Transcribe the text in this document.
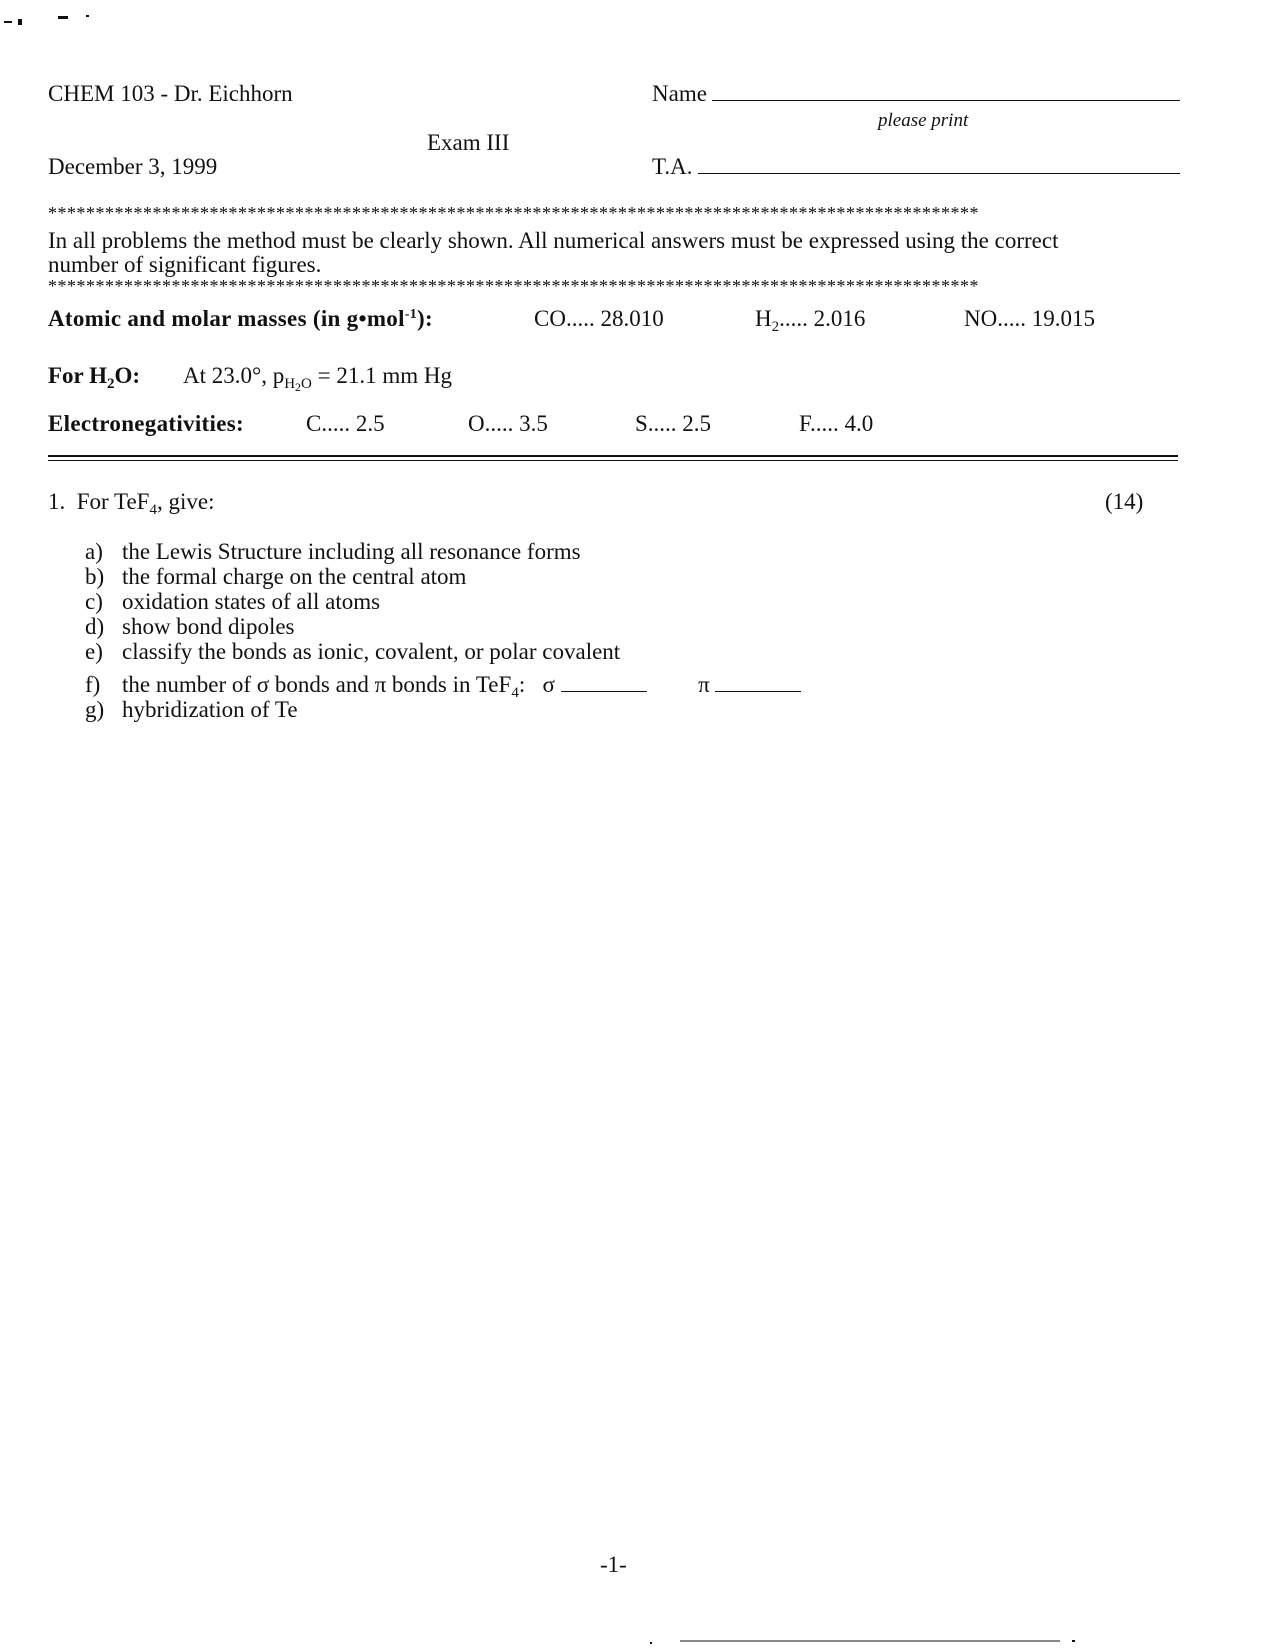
CHEM 103 - Dr. Eichhorn
December 3, 1999
Exam III
Name
please print
T.A.
**************************************************************************************************
In all problems the method must be clearly shown. All numerical answers must be expressed using the correct
number of significant figures.
**************************************************************************************************
Atomic and molar masses (in g•mol$^{-1}$):	CO..... 28.010	$H_2$..... 2.016	NO..... 19.015
For $H_2O$: At 23.0°, $p_{H_2O} = 21.1$ mm Hg
Electronegativities:	C..... 2.5	O..... 3.5	S..... 2.5	F..... 4.0
1. For TeF$_4$, give:	(14)
a) the Lewis Structure including all resonance forms
b) the formal charge on the central atom
c) oxidation states of all atoms
d) show bond dipoles
e) classify the bonds as ionic, covalent, or polar covalent
f) the number of σ bonds and π bonds in TeF$_4$: σ	π
g) hybridization of Te
-1-
